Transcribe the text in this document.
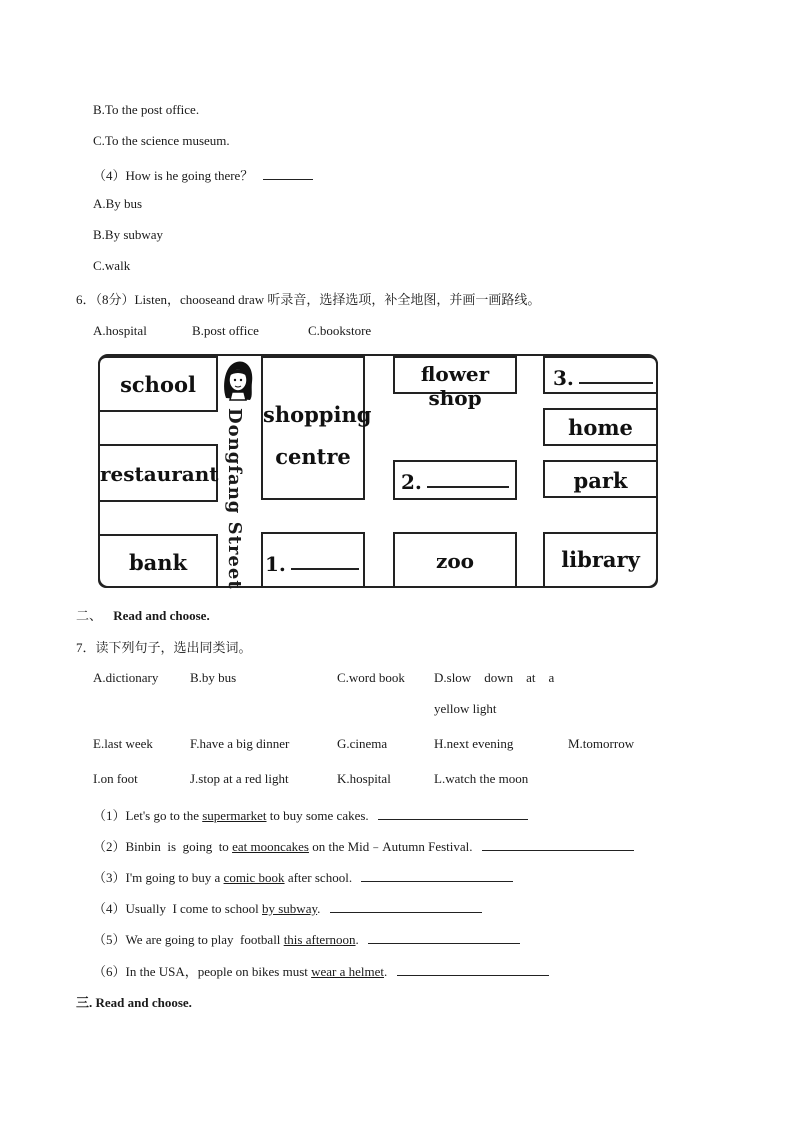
B.To the post office.
C.To the science museum.
（4）How is he going there？
A.By bus
B.By subway
C.walk
6．（8分）Listen，chooseand draw 听录音，选择选项，补全地图，并画一画路线。
A.hospital	B.post office	C.bookstore
school
restaurant
bank	Dongfang Street shopping
centre
1.
flower shop
2.
zoo
3.
home
park
library
二、 Read and choose.
7．读下列句子，选出同类词。
A.dictionary B.by bus	C.word book D.slow    down    at    a
yellow light
E.last week	F.have a big dinner	G.cinema	H.next evening	M.tomorrow
I.on foot	J.stop at a red light	K.hospital	L.watch the moon
（1）Let's go to the supermarket to buy some cakes.
（2）Binbin  is  going  to eat mooncakes on the Mid﹣Autumn Festival.
（3）I'm going to buy a comic book after school.
（4）Usually  I come to school by subway.
（5）We are going to play  football this afternoon.
（6）In the USA，people on bikes must wear a helmet.
三. Read and choose.
